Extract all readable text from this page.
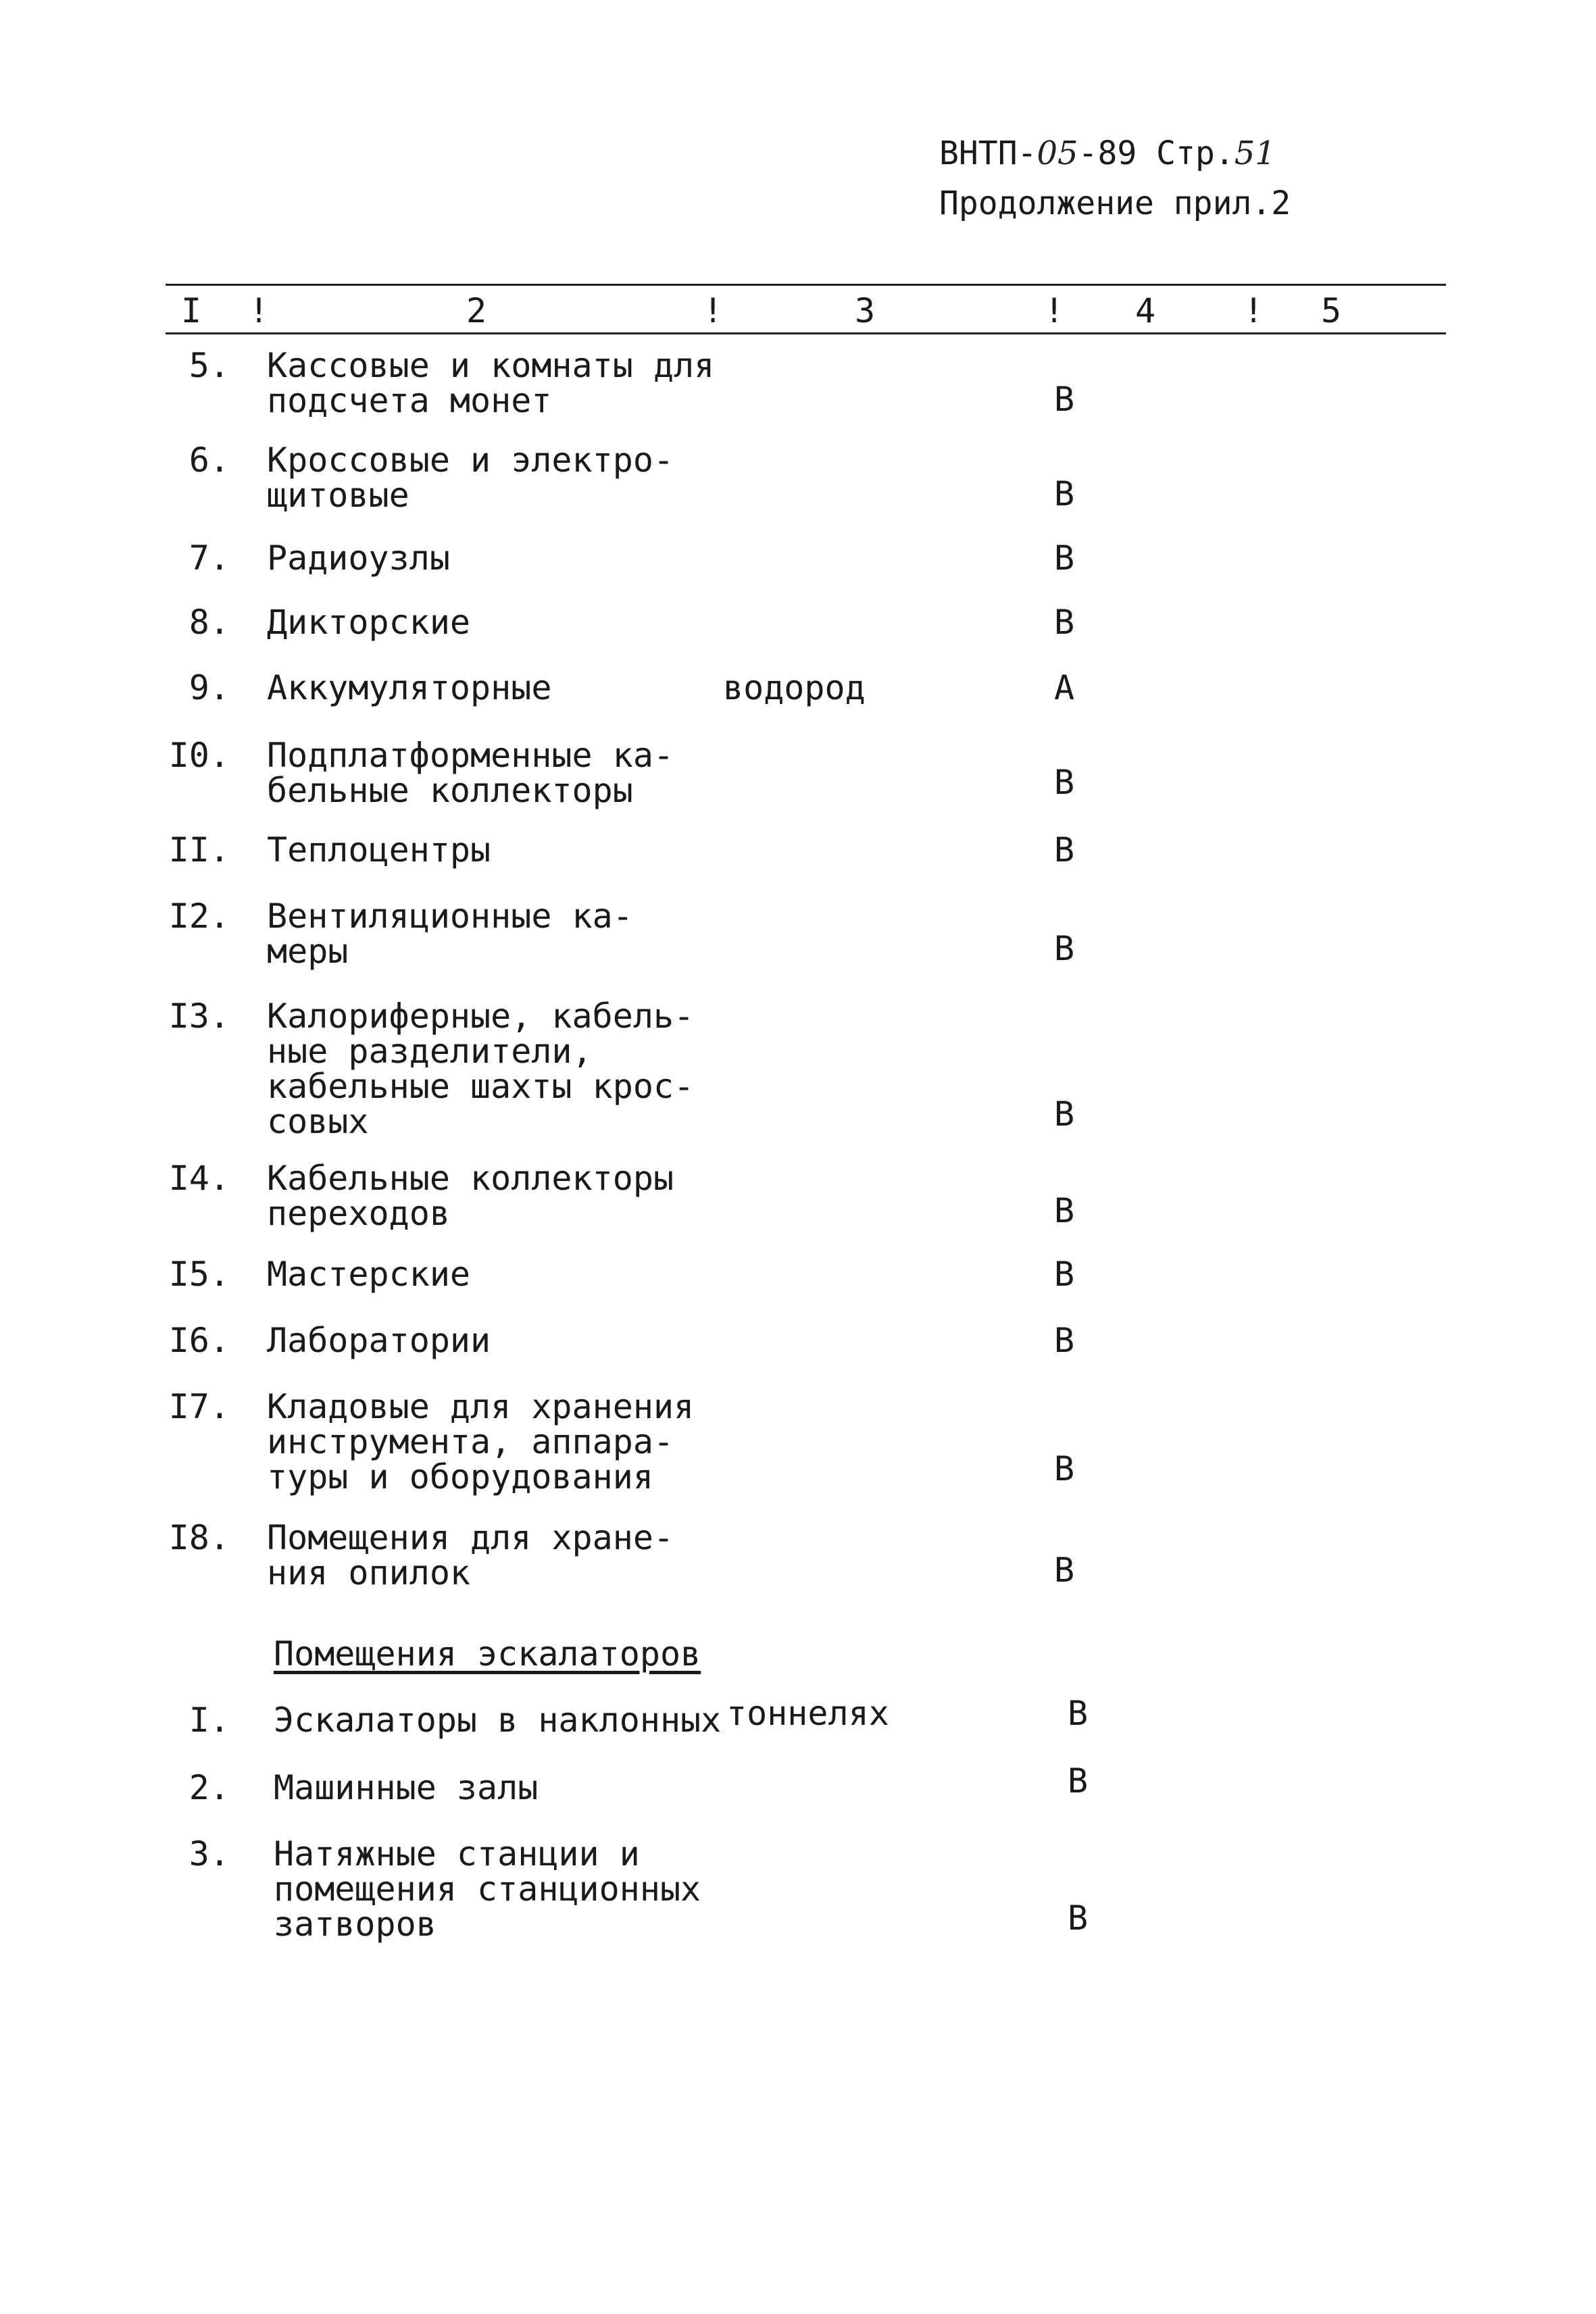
ВНТП-05-89 Стр.51
Продолжение прил.2
I !	2	!	3	! 4	! 5
5. Кассовые и комнаты для
подсчета монет	В
6. Кроссовые и электро-
щитовые	В
7. Радиоузлы	В
8. Дикторские	В
9. Аккумуляторные	водород	А
I0. Подплатформенные ка-
бельные коллекторы	В
II. Теплоцентры	В
I2. Вентиляционные ка-
меры	В
I3. Калориферные, кабель-
ные разделители,
кабельные шахты крос-
совых	В
I4. Кабельные коллекторы
переходов	В
I5. Мастерские	В
I6. Лаборатории	В
I7. Кладовые для хранения
инструмента, аппара-
туры и оборудования	В
I8. Помещения для хране-
ния опилок	В
Помещения эскалаторов
I. Эскалаторы в наклонных тоннелях	В
2. Машинные залы	В
3. Натяжные станции и
помещения станционных
затворов	В
